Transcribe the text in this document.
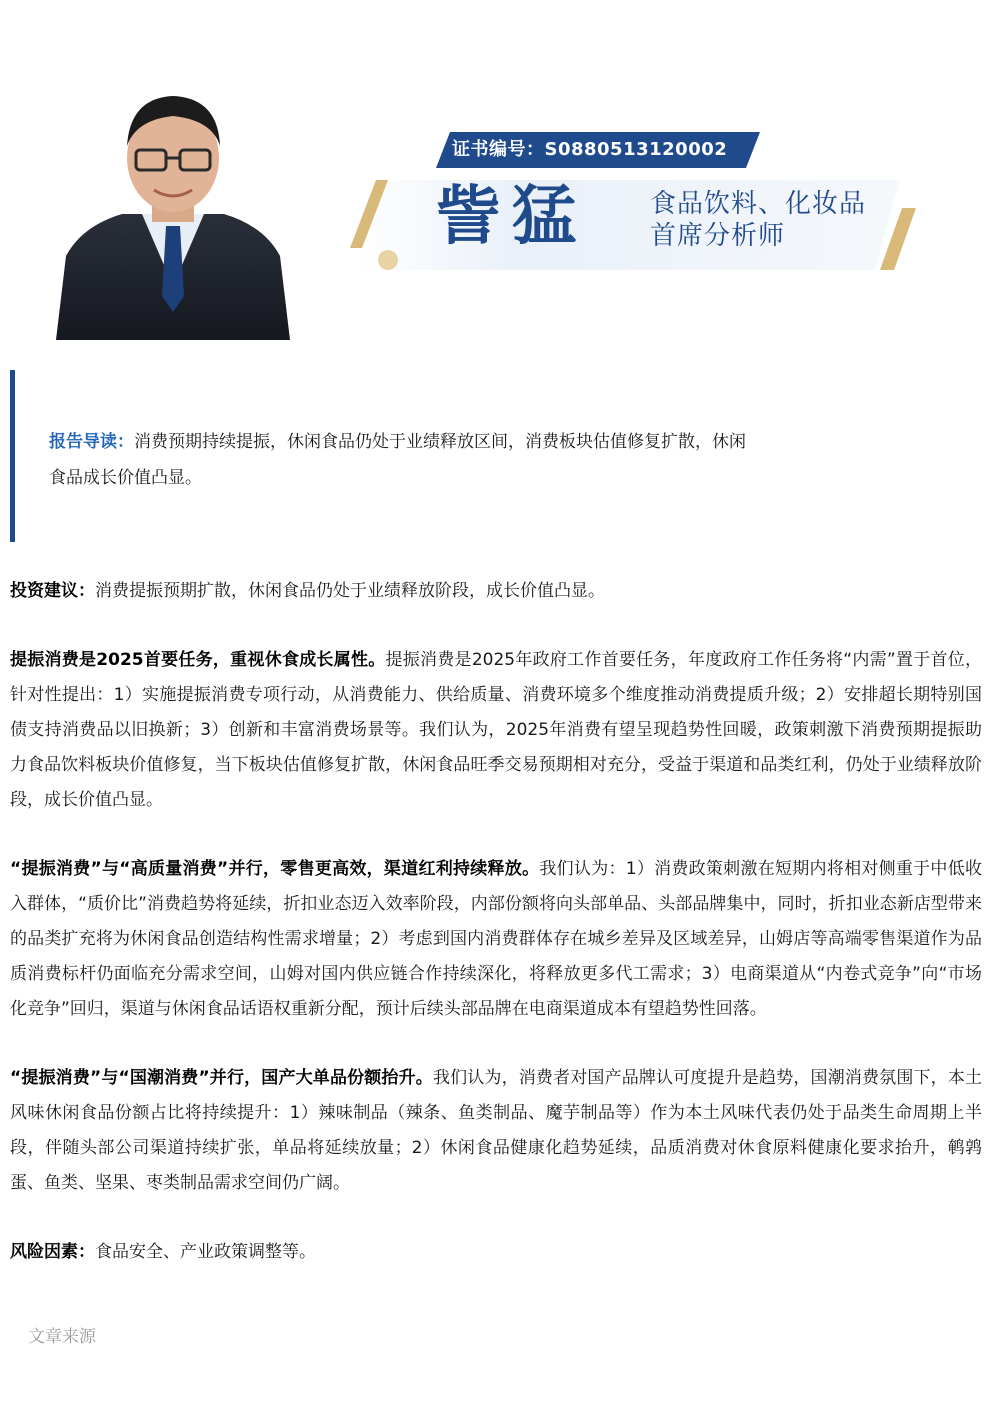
证书编号：S0880513120002
訾猛 食品饮料、化妆品
首席分析师
报告导读：消费预期持续提振，休闲食品仍处于业绩释放区间，消费板块估值修复扩散，休闲
食品成长价值凸显。

投资建议：消费提振预期扩散，休闲食品仍处于业绩释放阶段，成长价值凸显。

提振消费是2025首要任务，重视休食成长属性。提振消费是2025年政府工作首要任务，年度政府工作任务将“内需”置于首位，针对性提出：1）实施提振消费专项行动，从消费能力、供给质量、消费环境多个维度推动消费提质升级；2）安排超长期特别国债支持消费品以旧换新；3）创新和丰富消费场景等。我们认为，2025年消费有望呈现趋势性回暖，政策刺激下消费预期提振助力食品饮料板块价值修复，当下板块估值修复扩散，休闲食品旺季交易预期相对充分，受益于渠道和品类红利，仍处于业绩释放阶段，成长价值凸显。

“提振消费”与“高质量消费”并行，零售更高效，渠道红利持续释放。我们认为：1）消费政策刺激在短期内将相对侧重于中低收入群体，“质价比”消费趋势将延续，折扣业态迈入效率阶段，内部份额将向头部单品、头部品牌集中，同时，折扣业态新店型带来的品类扩充将为休闲食品创造结构性需求增量；2）考虑到国内消费群体存在城乡差异及区域差异，山姆店等高端零售渠道作为品质消费标杆仍面临充分需求空间，山姆对国内供应链合作持续深化，将释放更多代工需求；3）电商渠道从“内卷式竞争”向“市场化竞争”回归，渠道与休闲食品话语权重新分配，预计后续头部品牌在电商渠道成本有望趋势性回落。

“提振消费”与“国潮消费”并行，国产大单品份额抬升。我们认为，消费者对国产品牌认可度提升是趋势，国潮消费氛围下，本土风味休闲食品份额占比将持续提升：1）辣味制品（辣条、鱼类制品、魔芋制品等）作为本土风味代表仍处于品类生命周期上半段，伴随头部公司渠道持续扩张，单品将延续放量；2）休闲食品健康化趋势延续，品质消费对休食原料健康化要求抬升，鹌鹑蛋、鱼类、坚果、枣类制品需求空间仍广阔。

风险因素：食品安全、产业政策调整等。

文章来源
